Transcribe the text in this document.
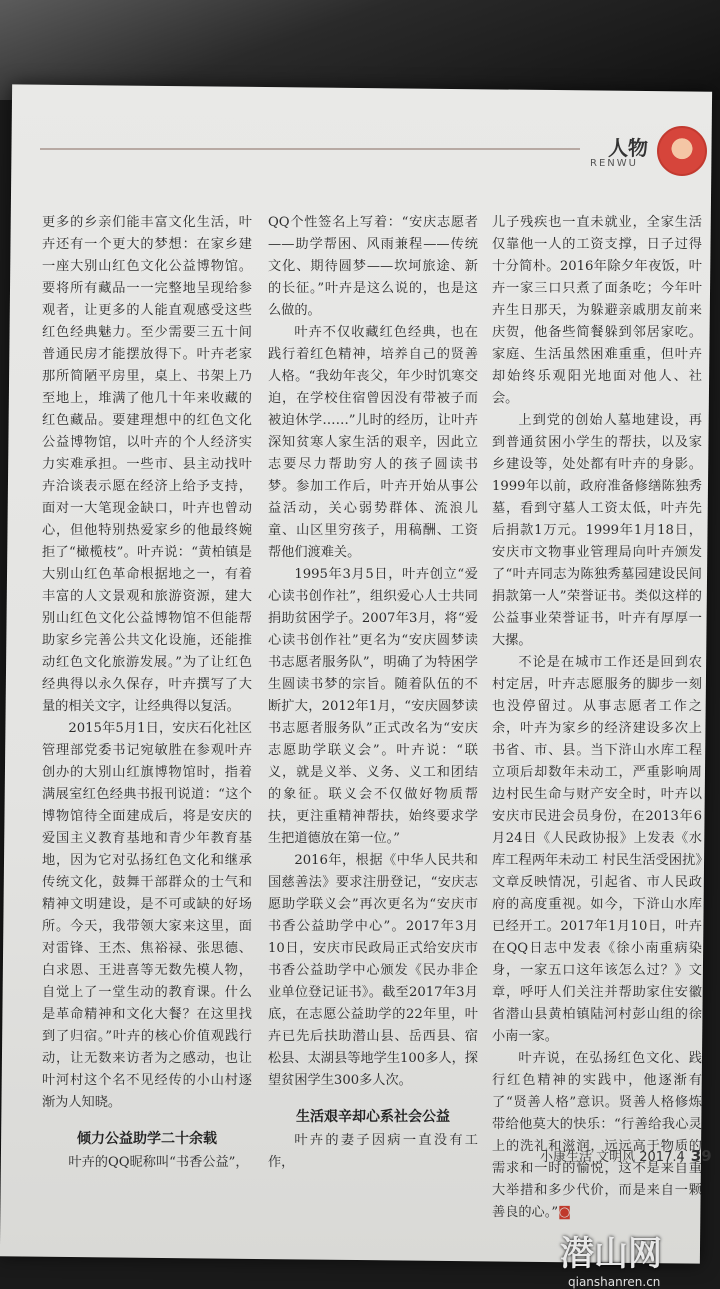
人物
RENWU

更多的乡亲们能丰富文化生活，叶卉还有一个更大的梦想：在家乡建一座大别山红色文化公益博物馆。要将所有藏品一一完整地呈现给参观者，让更多的人能直观感受这些红色经典魅力。至少需要三五十间普通民房才能摆放得下。叶卉老家那所简陋平房里，桌上、书架上乃至地上，堆满了他几十年来收藏的红色藏品。要建理想中的红色文化公益博物馆，以叶卉的个人经济实力实难承担。一些市、县主动找叶卉洽谈表示愿在经济上给予支持，面对一大笔现金缺口，叶卉也曾动心，但他特别热爱家乡的他最终婉拒了“橄榄枝”。叶卉说：“黄柏镇是大别山红色革命根据地之一，有着丰富的人文景观和旅游资源，建大别山红色文化公益博物馆不但能帮助家乡完善公共文化设施，还能推动红色文化旅游发展。”为了让红色经典得以永久保存，叶卉撰写了大量的相关文字，让经典得以复活。

2015年5月1日，安庆石化社区管理部党委书记宛敏胜在参观叶卉创办的大别山红旗博物馆时，指着满展室红色经典书报刊说道：“这个博物馆待全面建成后，将是安庆的爱国主义教育基地和青少年教育基地，因为它对弘扬红色文化和继承传统文化，鼓舞干部群众的士气和精神文明建设，是不可或缺的好场所。今天，我带领大家来这里，面对雷锋、王杰、焦裕禄、张思德、白求恩、王进喜等无数先模人物，自觉上了一堂生动的教育课。什么是革命精神和文化大餐？在这里找到了归宿。”叶卉的核心价值观践行动，让无数来访者为之感动，也让叶河村这个名不见经传的小山村逐渐为人知晓。

倾力公益助学二十余载

叶卉的QQ昵称叫“书香公益”，

QQ个性签名上写着：“安庆志愿者——助学帮困、风雨兼程——传统文化、期待圆梦——坎坷旅途、新的长征。”叶卉是这么说的，也是这么做的。

叶卉不仅收藏红色经典，也在践行着红色精神，培养自己的贤善人格。“我幼年丧父，年少时饥寒交迫，在学校住宿曾因没有带被子而被迫休学……”儿时的经历，让叶卉深知贫寒人家生活的艰辛，因此立志要尽力帮助穷人的孩子圆读书梦。参加工作后，叶卉开始从事公益活动，关心弱势群体、流浪儿童、山区里穷孩子，用稿酬、工资帮他们渡难关。

1995年3月5日，叶卉创立“爱心读书创作社”，组织爱心人士共同捐助贫困学子。2007年3月，将“爱心读书创作社”更名为“安庆圆梦读书志愿者服务队”，明确了为特困学生圆读书梦的宗旨。随着队伍的不断扩大，2012年1月，“安庆圆梦读书志愿者服务队”正式改名为“安庆志愿助学联义会”。叶卉说：“联义，就是义举、义务、义工和团结的象征。联义会不仅做好物质帮扶，更注重精神帮扶，始终要求学生把道德放在第一位。”

2016年，根据《中华人民共和国慈善法》要求注册登记，“安庆志愿助学联义会”再次更名为“安庆市书香公益助学中心”。2017年3月10日，安庆市民政局正式给安庆市书香公益助学中心颁发《民办非企业单位登记证书》。截至2017年3月底，在志愿公益助学的22年里，叶卉已先后扶助潜山县、岳西县、宿松县、太湖县等地学生100多人，探望贫困学生300多人次。

生活艰辛却心系社会公益

叶卉的妻子因病一直没有工作，

儿子残疾也一直未就业，全家生活仅靠他一人的工资支撑，日子过得十分简朴。2016年除夕年夜饭，叶卉一家三口只煮了面条吃；今年叶卉生日那天，为躲避亲戚朋友前来庆贺，他备些简餐躲到邻居家吃。家庭、生活虽然困难重重，但叶卉却始终乐观阳光地面对他人、社会。

上到党的创始人墓地建设，再到普通贫困小学生的帮扶，以及家乡建设等，处处都有叶卉的身影。1999年以前，政府准备修缮陈独秀墓，看到守墓人工资太低，叶卉先后捐款1万元。1999年1月18日，安庆市文物事业管理局向叶卉颁发了“叶卉同志为陈独秀墓园建设民间捐款第一人”荣誉证书。类似这样的公益事业荣誉证书，叶卉有厚厚一大摞。

不论是在城市工作还是回到农村定居，叶卉志愿服务的脚步一刻也没停留过。从事志愿者工作之余，叶卉为家乡的经济建设多次上书省、市、县。当下浒山水库工程立项后却数年未动工，严重影响周边村民生命与财产安全时，叶卉以安庆市民进会员身份，在2013年6月24日《人民政协报》上发表《水库工程两年未动工 村民生活受困扰》文章反映情况，引起省、市人民政府的高度重视。如今，下浒山水库已经开工。2017年1月10日，叶卉在QQ日志中发表《徐小南重病染身，一家五口这年该怎么过？》文章，呼吁人们关注并帮助家住安徽省潜山县黄柏镇陆河村彭山组的徐小南一家。

叶卉说，在弘扬红色文化、践行红色精神的实践中，他逐渐有了“贤善人格”意识。贤善人格修炼带给他莫大的快乐：“行善给我心灵上的洗礼和滋润，远远高于物质的需求和一时的愉悦，这不是来自重大举措和多少代价，而是来自一颗善良的心。”◙

小康生活 文明风 2017.4 39
潜山网
qianshanren.cn
